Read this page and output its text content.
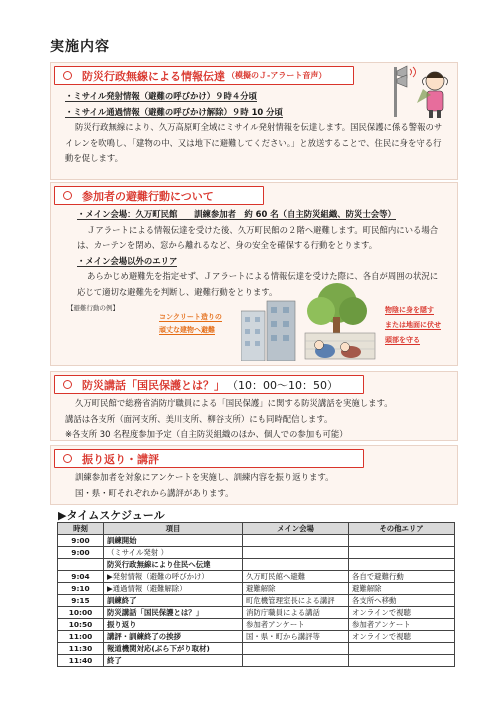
実施内容
防災行政無線による情報伝達 （模擬のＪ-アラート音声）
・ミサイル発射情報（避難の呼びかけ）９時４分頃
・ミサイル通過情報（避難の呼びかけ解除）９時 10 分頃
防災行政無線により、久万高原町全域にミサイル発射情報を伝達します。国民保護に係る警報のサイレンを吹鳴し、「建物の中、又は地下に避難してください。」と放送することで、住民に身を守る行動を促します。
参加者の避難行動について
・メイン会場：久万町民館　　訓練参加者　約 60 名（自主防災組織、防災士会等）
Ｊアラートによる情報伝達を受けた後、久万町民館の２階へ避難します。町民館内にいる場合は、カーテンを閉め、窓から離れるなど、身の安全を確保する行動をとります。
・メイン会場以外のエリア
あらかじめ避難先を指定せず、Ｊアラートによる情報伝達を受けた際に、各自が周囲の状況に応じて適切な避難先を判断し、避難行動をとります。
【避難行動の例】
コンクリート造りの
頑丈な建物へ避難
物陰に身を隠す
または地面に伏せ
頭部を守る
防災講話「国民保護とは？」 （10：00〜10：50）
久万町民館で総務省消防庁職員による「国民保護」に関する防災講話を実施します。
講話は各支所（面河支所、美川支所、柳谷支所）にも同時配信します。
※各支所 30 名程度参加予定（自主防災組織のほか、個人での参加も可能）
振り返り・講評
訓練参加者を対象にアンケートを実施し、訓練内容を振り返ります。
国・県・町それぞれから講評があります。
▶タイムスケジュール
時刻	項目	メイン会場	その他エリア
9:00	訓練開始		
9:00	（ミサイル発射 ）		
	防災行政無線により住民へ伝達		
9:04	▶発射情報（避難の呼びかけ）	久万町民館へ避難	各自で避難行動
9:10	▶通過情報（避難解除）	避難解除	避難解除
9:15	訓練終了	町危機管理室長による講評	各支所へ移動
10:00	防災講話「国民保護とは？」	消防庁職員による講話	オンラインで視聴
10:50	振り返り	参加者アンケート	参加者アンケート
11:00	講評・訓練終了の挨拶	国・県・町から講評等	オンラインで視聴
11:30	報道機関対応(ぶら下がり取材)		
11:40	終了		
